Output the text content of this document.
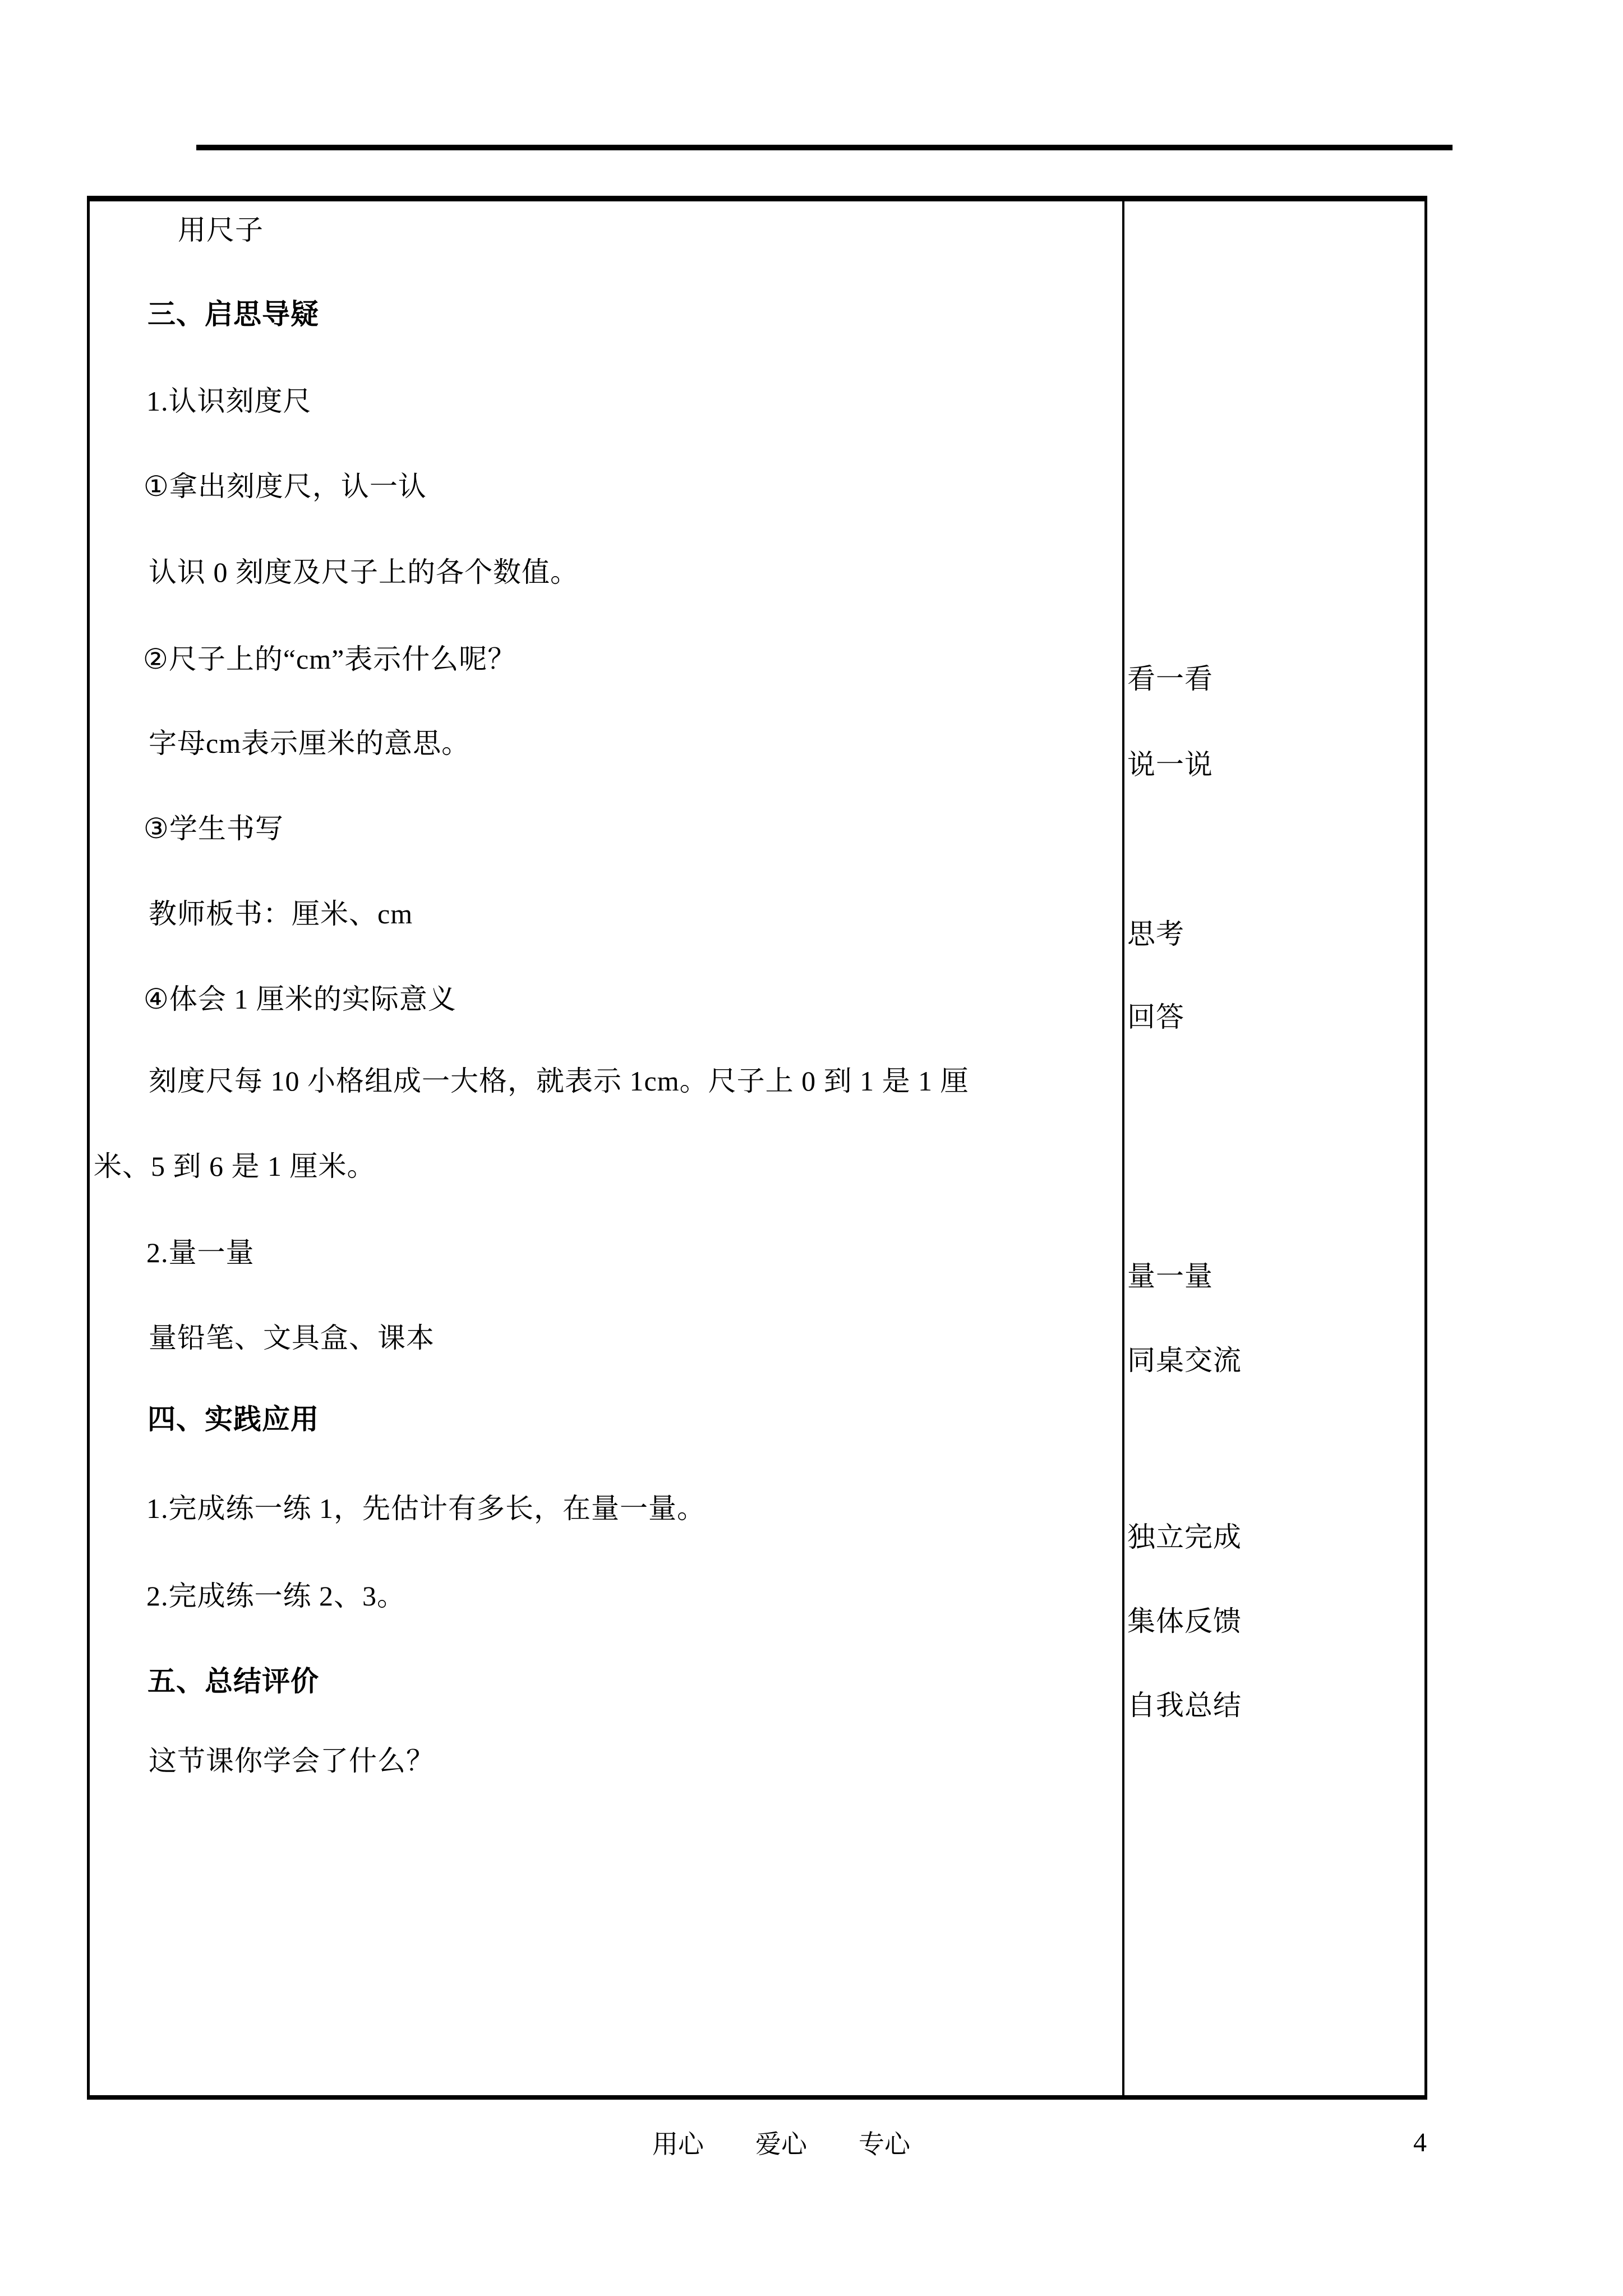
用尺子
三、启思导疑
1.认识刻度尺
①拿出刻度尺，认一认
认识 0 刻度及尺子上的各个数值。
②尺子上的“cm”表示什么呢？
字母cm表示厘米的意思。
③学生书写
教师板书：厘米、cm
④体会 1 厘米的实际意义
刻度尺每 10 小格组成一大格，就表示 1cm。尺子上 0 到 1 是 1 厘
米、5 到 6 是 1 厘米。
2.量一量
量铅笔、文具盒、课本
四、实践应用
1.完成练一练 1，先估计有多长，在量一量。
2.完成练一练 2、3。
五、总结评价
这节课你学会了什么？
看一看
说一说
思考
回答
量一量
同桌交流
独立完成
集体反馈
自我总结
用心　　爱心　　专心	4
